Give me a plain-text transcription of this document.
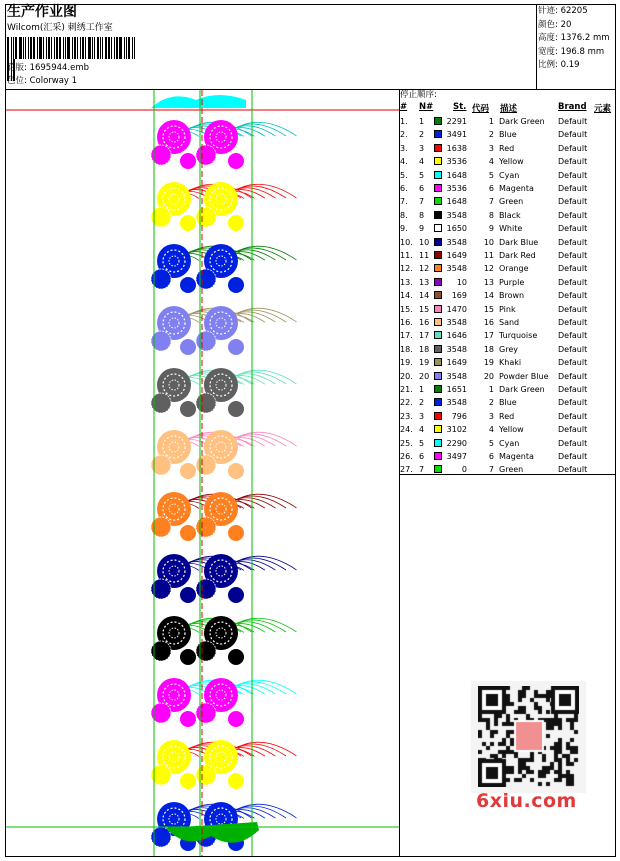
生产作业图
Wilcom(汇采) 刺绣工作室
花版: 1695944.emb
色位: Colorway 1
针迹: 62205
颜色: 20
高度: 1376.2 mm
宽度: 196.8 mm
比例: 0.19
停止顺序:
# N# St. 代码 描述	Brand 元素
1. 1	2291	1 Dark Green Default
2. 2	3491	2 Blue	Default
3. 3	1638	3 Red	Default
4. 4	3536	4 Yellow	Default
5. 5	1648	5 Cyan	Default
6. 6	3536	6 Magenta	Default
7. 7	1648	7 Green	Default
8. 8	3548	8 Black	Default
9. 9	1650	9 White	Default
10. 10 3548	10 Dark Blue Default
11. 11 1649	11 Dark Red	Default
12. 12 3548	12 Orange	Default
13. 13	10	13 Purple	Default
14. 14	169	14 Brown	Default
15. 15 1470	15 Pink	Default
16. 16 3548	16 Sand	Default
17. 17 1646	17 Turquoise	Default
18. 18 3548	18 Grey	Default
19. 19 1649	19 Khaki	Default
20. 20 3548	20 Powder Blue Default
21. 1	1651	1 Dark Green Default
22. 2	3548	2 Blue	Default
23. 3	796	3 Red	Default
24. 4	3102	4 Yellow	Default
25. 5	2290	5 Cyan	Default
26. 6	3497	6 Magenta	Default
27. 7	0	7 Green	Default
6xiu.com
